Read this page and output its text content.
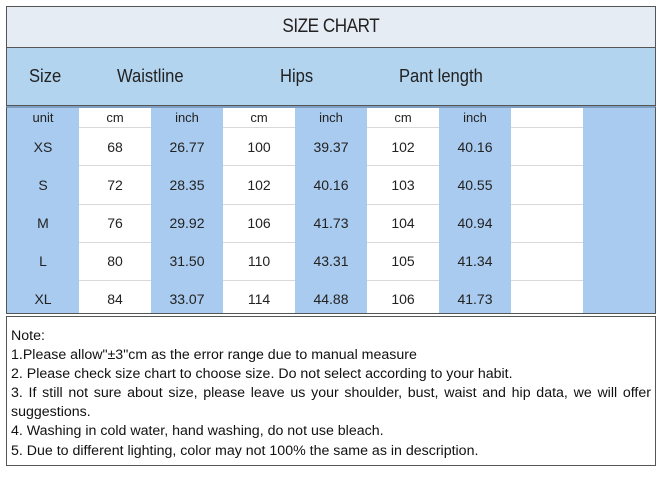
SIZE CHART
Size	Waistline	Hips	Pant length
unit	cm	inch	cm	inch	cm	inch
XS	68	26.77	100	39.37	102	40.16
S	72	28.35	102	40.16	103	40.55
M	76	29.92	106	41.73	104	40.94
L	80	31.50	110	43.31	105	41.34
XL	84	33.07	114	44.88	106	41.73
Note:
1.Please allow"±3"cm as the error range due to manual measure
2. Please check size chart to choose size. Do not select according to your habit.
3. If still not sure about size, please leave us your shoulder, bust, waist and hip data, we will offer suggestions.
4. Washing in cold water, hand washing, do not use bleach.
5. Due to different lighting, color may not 100% the same as in description.
